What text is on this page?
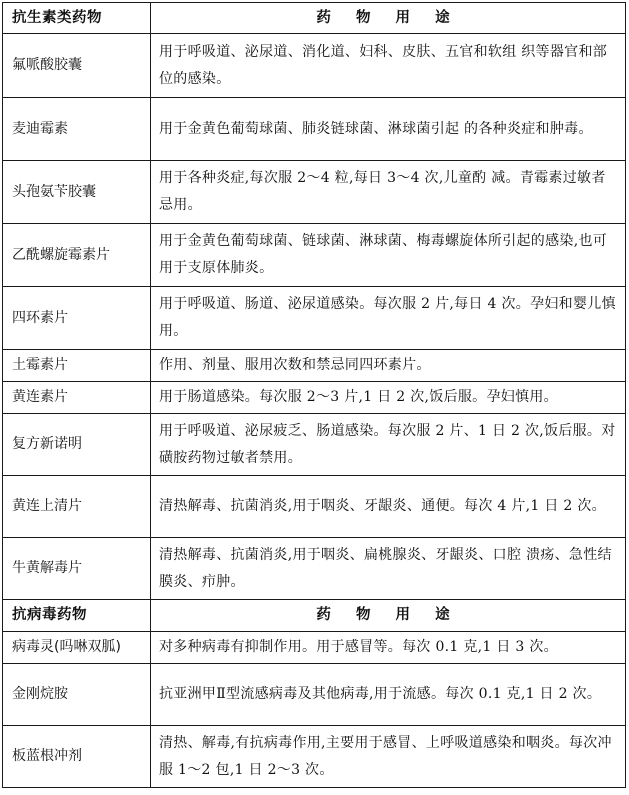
抗生素类药物	药 物 用 途
氟哌酸胶囊	用于呼吸道、泌尿道、消化道、妇科、皮肤、五官和软组 织等器官和部位的感染。
麦迪霉素	用于金黄色葡萄球菌、肺炎链球菌、淋球菌引起 的各种炎症和肿毒。
头孢氨苄胶囊	用于各种炎症,每次服 2～4 粒,每日 3～4 次,儿童酌 减。青霉素过敏者忌用。
乙酰螺旋霉素片	用于金黄色葡萄球菌、链球菌、淋球菌、梅毒螺旋体所引起的感染,也可用于支原体肺炎。
四环素片	用于呼吸道、肠道、泌尿道感染。每次服 2 片,每日 4 次。孕妇和婴儿慎用。
土霉素片	作用、剂量、服用次数和禁忌同四环素片。
黄连素片	用于肠道感染。每次服 2～3 片,1 日 2 次,饭后服。孕妇慎用。
复方新诺明	用于呼吸道、泌尿疲乏、肠道感染。每次服 2 片、1 日 2 次,饭后服。对磺胺药物过敏者禁用。
黄连上清片	清热解毒、抗菌消炎,用于咽炎、牙龈炎、通便。每次 4 片,1 日 2 次。
牛黄解毒片	清热解毒、抗菌消炎,用于咽炎、扁桃腺炎、牙龈炎、口腔 溃疡、急性结膜炎、疖肿。
抗病毒药物	药 物 用 途
病毒灵(吗啉双胍)	对多种病毒有抑制作用。用于感冒等。每次 0.1 克,1 日 3 次。
金刚烷胺	抗亚洲甲Ⅱ型流感病毒及其他病毒,用于流感。每次 0.1 克,1 日 2 次。
板蓝根冲剂	清热、解毒,有抗病毒作用,主要用于感冒、上呼吸道感染和咽炎。每次冲服 1～2 包,1 日 2～3 次。
